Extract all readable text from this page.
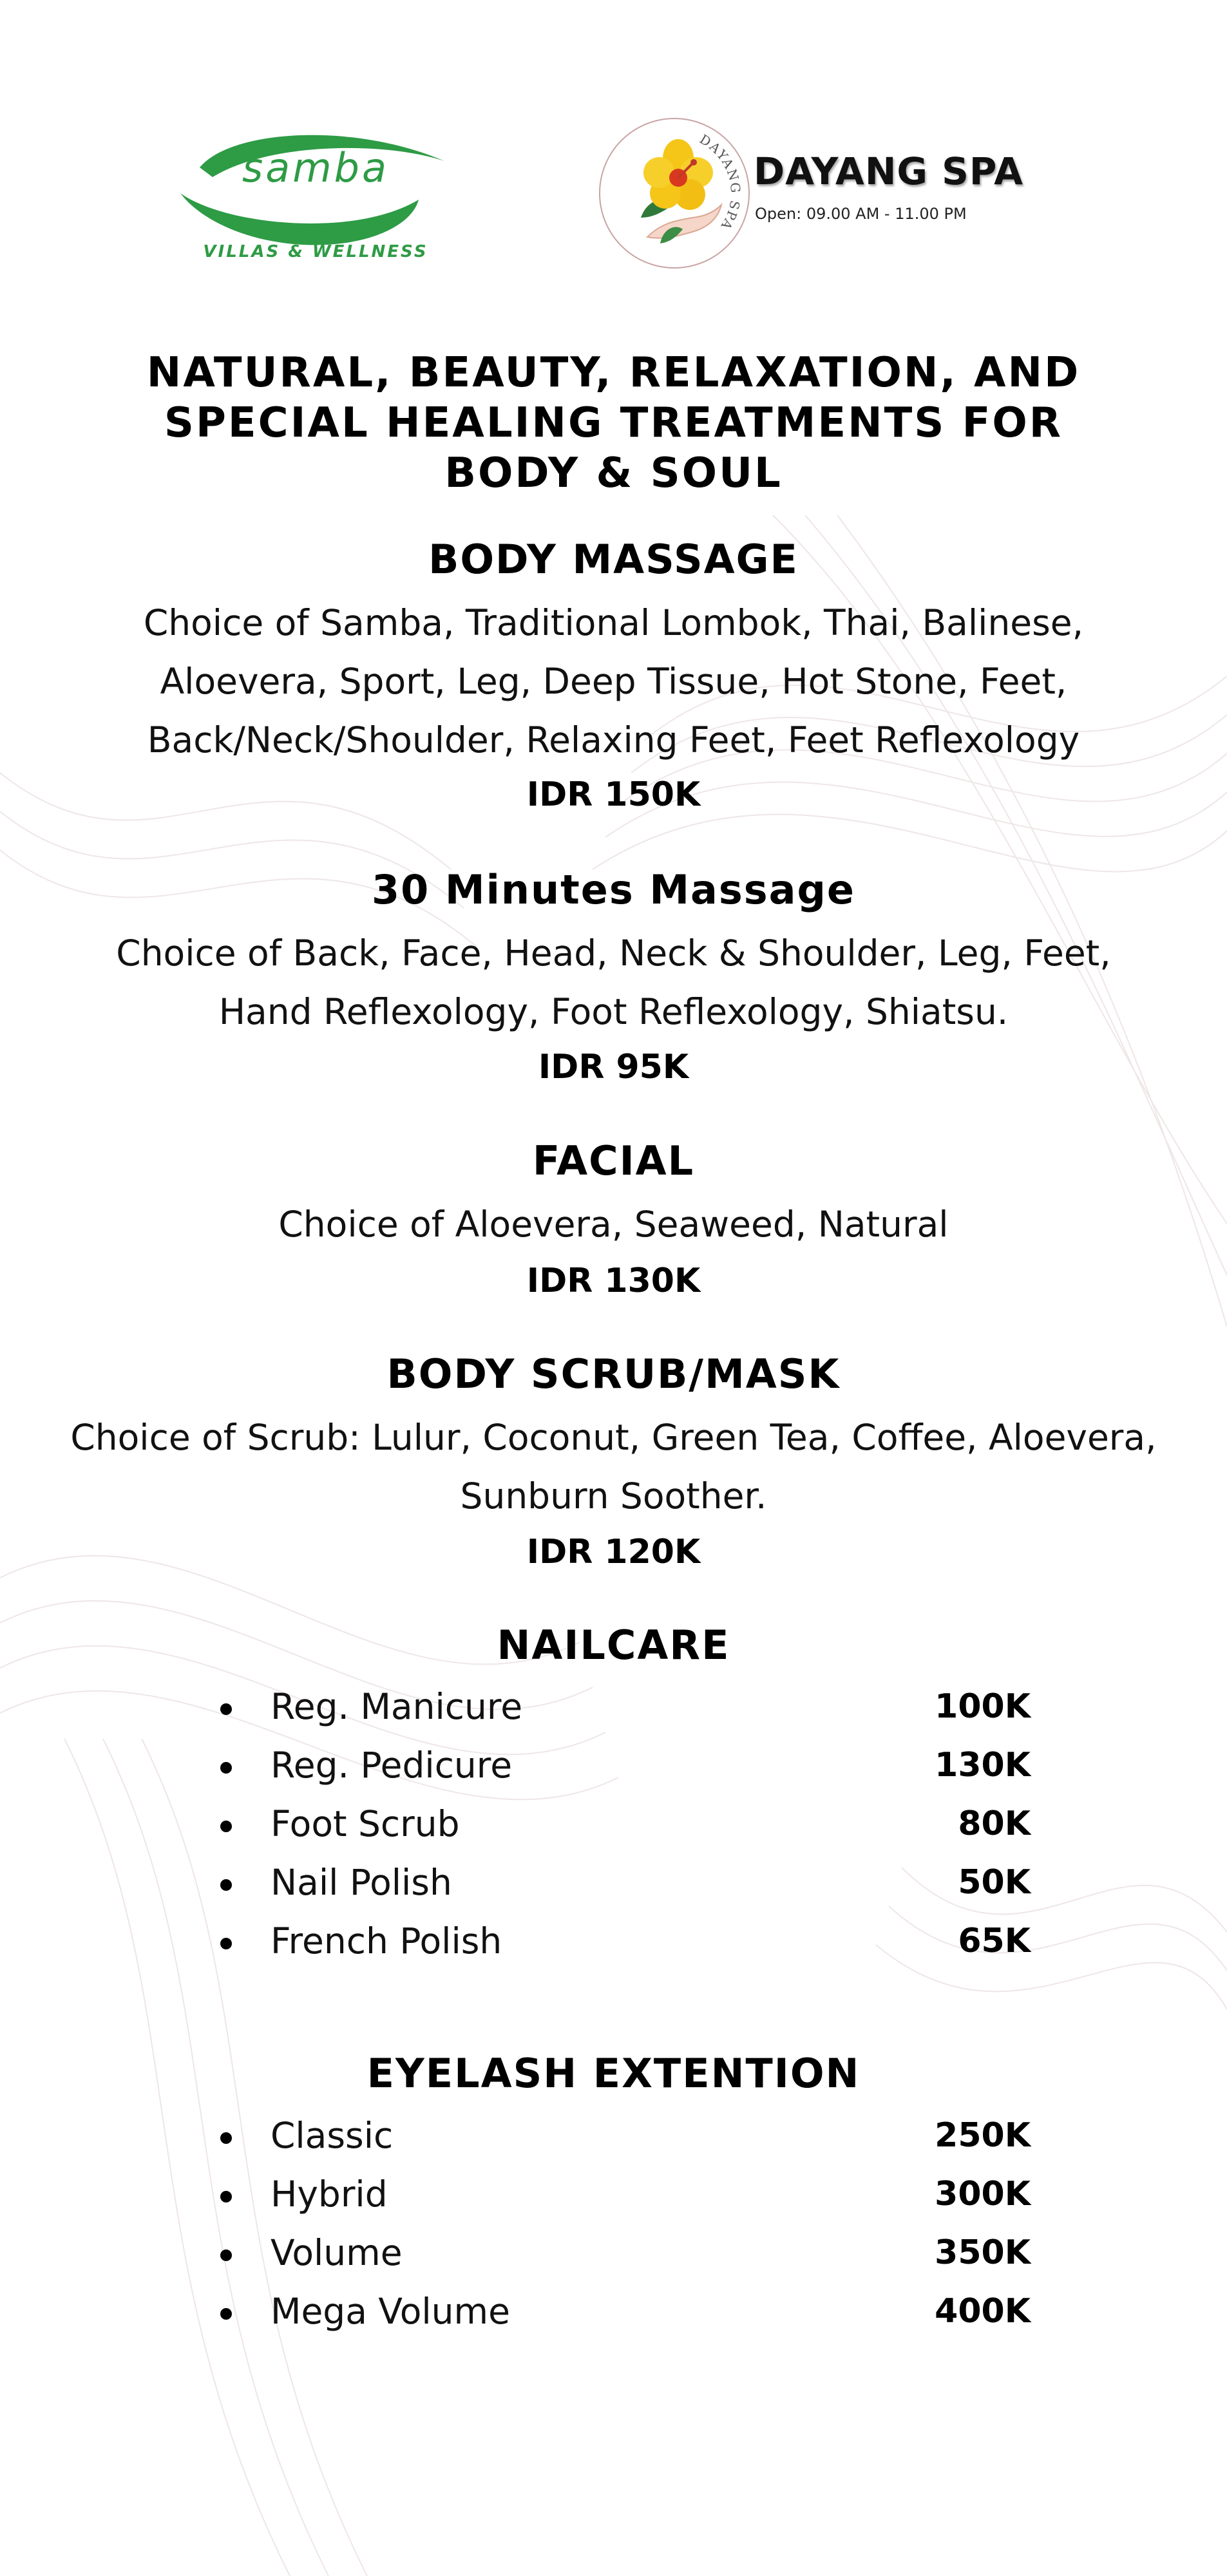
samba
VILLAS & WELLNESS
DAYANG SPA
DAYANG SPA
Open: 09.00 AM - 11.00 PM
NATURAL, BEAUTY, RELAXATION, AND SPECIAL HEALING TREATMENTS FOR BODY & SOUL
BODY MASSAGE
Choice of Samba, Traditional Lombok, Thai, Balinese, Aloevera, Sport, Leg, Deep Tissue, Hot Stone, Feet, Back/Neck/Shoulder, Relaxing Feet, Feet Reflexology
IDR 150K
30 Minutes Massage
Choice of Back, Face, Head, Neck & Shoulder, Leg, Feet, Hand Reflexology, Foot Reflexology, Shiatsu.
IDR 95K
FACIAL
Choice of Aloevera, Seaweed, Natural
IDR 130K
BODY SCRUB/MASK
Choice of Scrub: Lulur, Coconut, Green Tea, Coffee, Aloevera, Sunburn Soother.
IDR 120K
NAILCARE
Reg. Manicure	100K
Reg. Pedicure	130K
Foot Scrub	80K
Nail Polish	50K
French Polish	65K
EYELASH EXTENTION
Classic	250K
Hybrid	300K
Volume	350K
Mega Volume	400K
